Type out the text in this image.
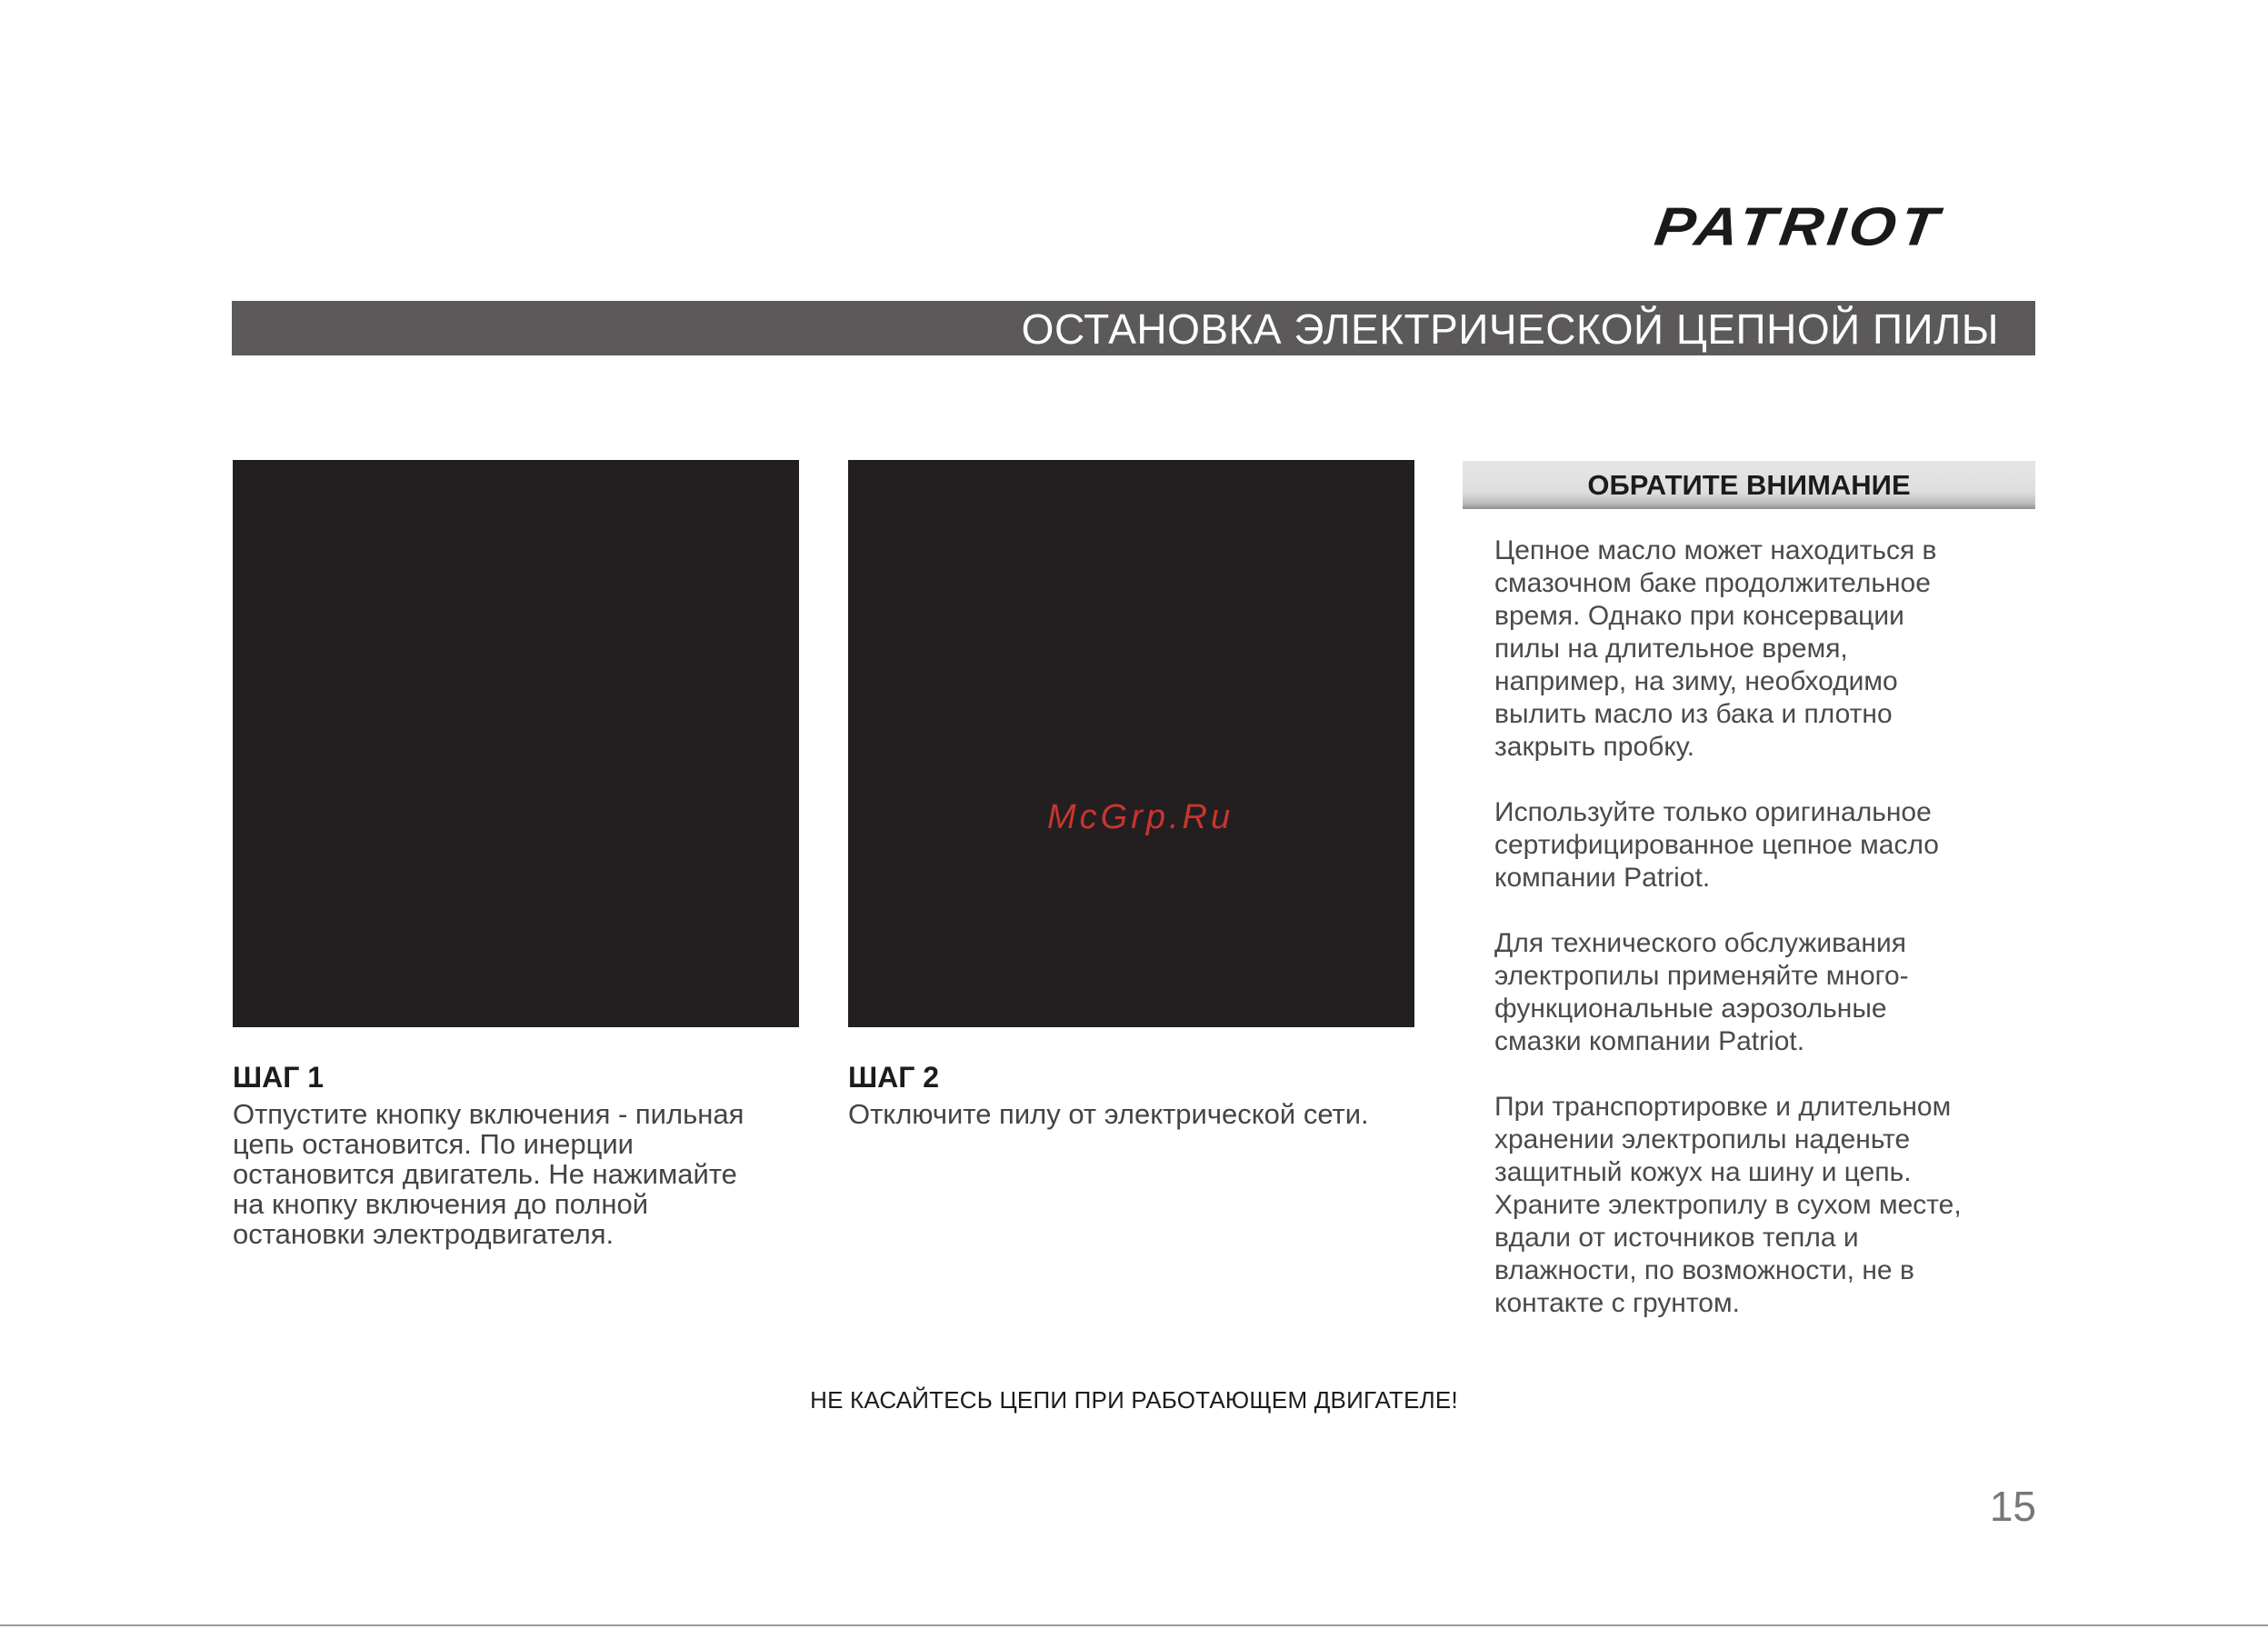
PATRIOT
ОСТАНОВКА ЭЛЕКТРИЧЕСКОЙ ЦЕПНОЙ ПИЛЫ
McGrp.Ru
ШАГ 1
Отпустите кнопку включения - пильная
цепь остановится. По инерции
остановится двигатель. Не нажимайте
на кнопку включения до полной
остановки электродвигателя.
ШАГ 2
Отключите пилу от электрической сети.
ОБРАТИТЕ ВНИМАНИЕ

Цепное масло может находиться в
смазочном баке продолжительное
время. Однако при консервации
пилы на длительное время,
например, на зиму, необходимо
вылить масло из бака и плотно
закрыть пробку.

Используйте только оригинальное
сертифицированное цепное масло
компании Patriot.

Для технического обслуживания
электропилы применяйте много-
функциональные аэрозольные
смазки компании Patriot.

При транспортировке и длительном
хранении электропилы наденьте
защитный кожух на шину и цепь.
Храните электропилу в сухом месте,
вдали от источников тепла и
влажности, по возможности, не в
контакте с грунтом.

НЕ КАСАЙТЕСЬ ЦЕПИ ПРИ РАБОТАЮЩЕМ ДВИГАТЕЛЕ!
15
